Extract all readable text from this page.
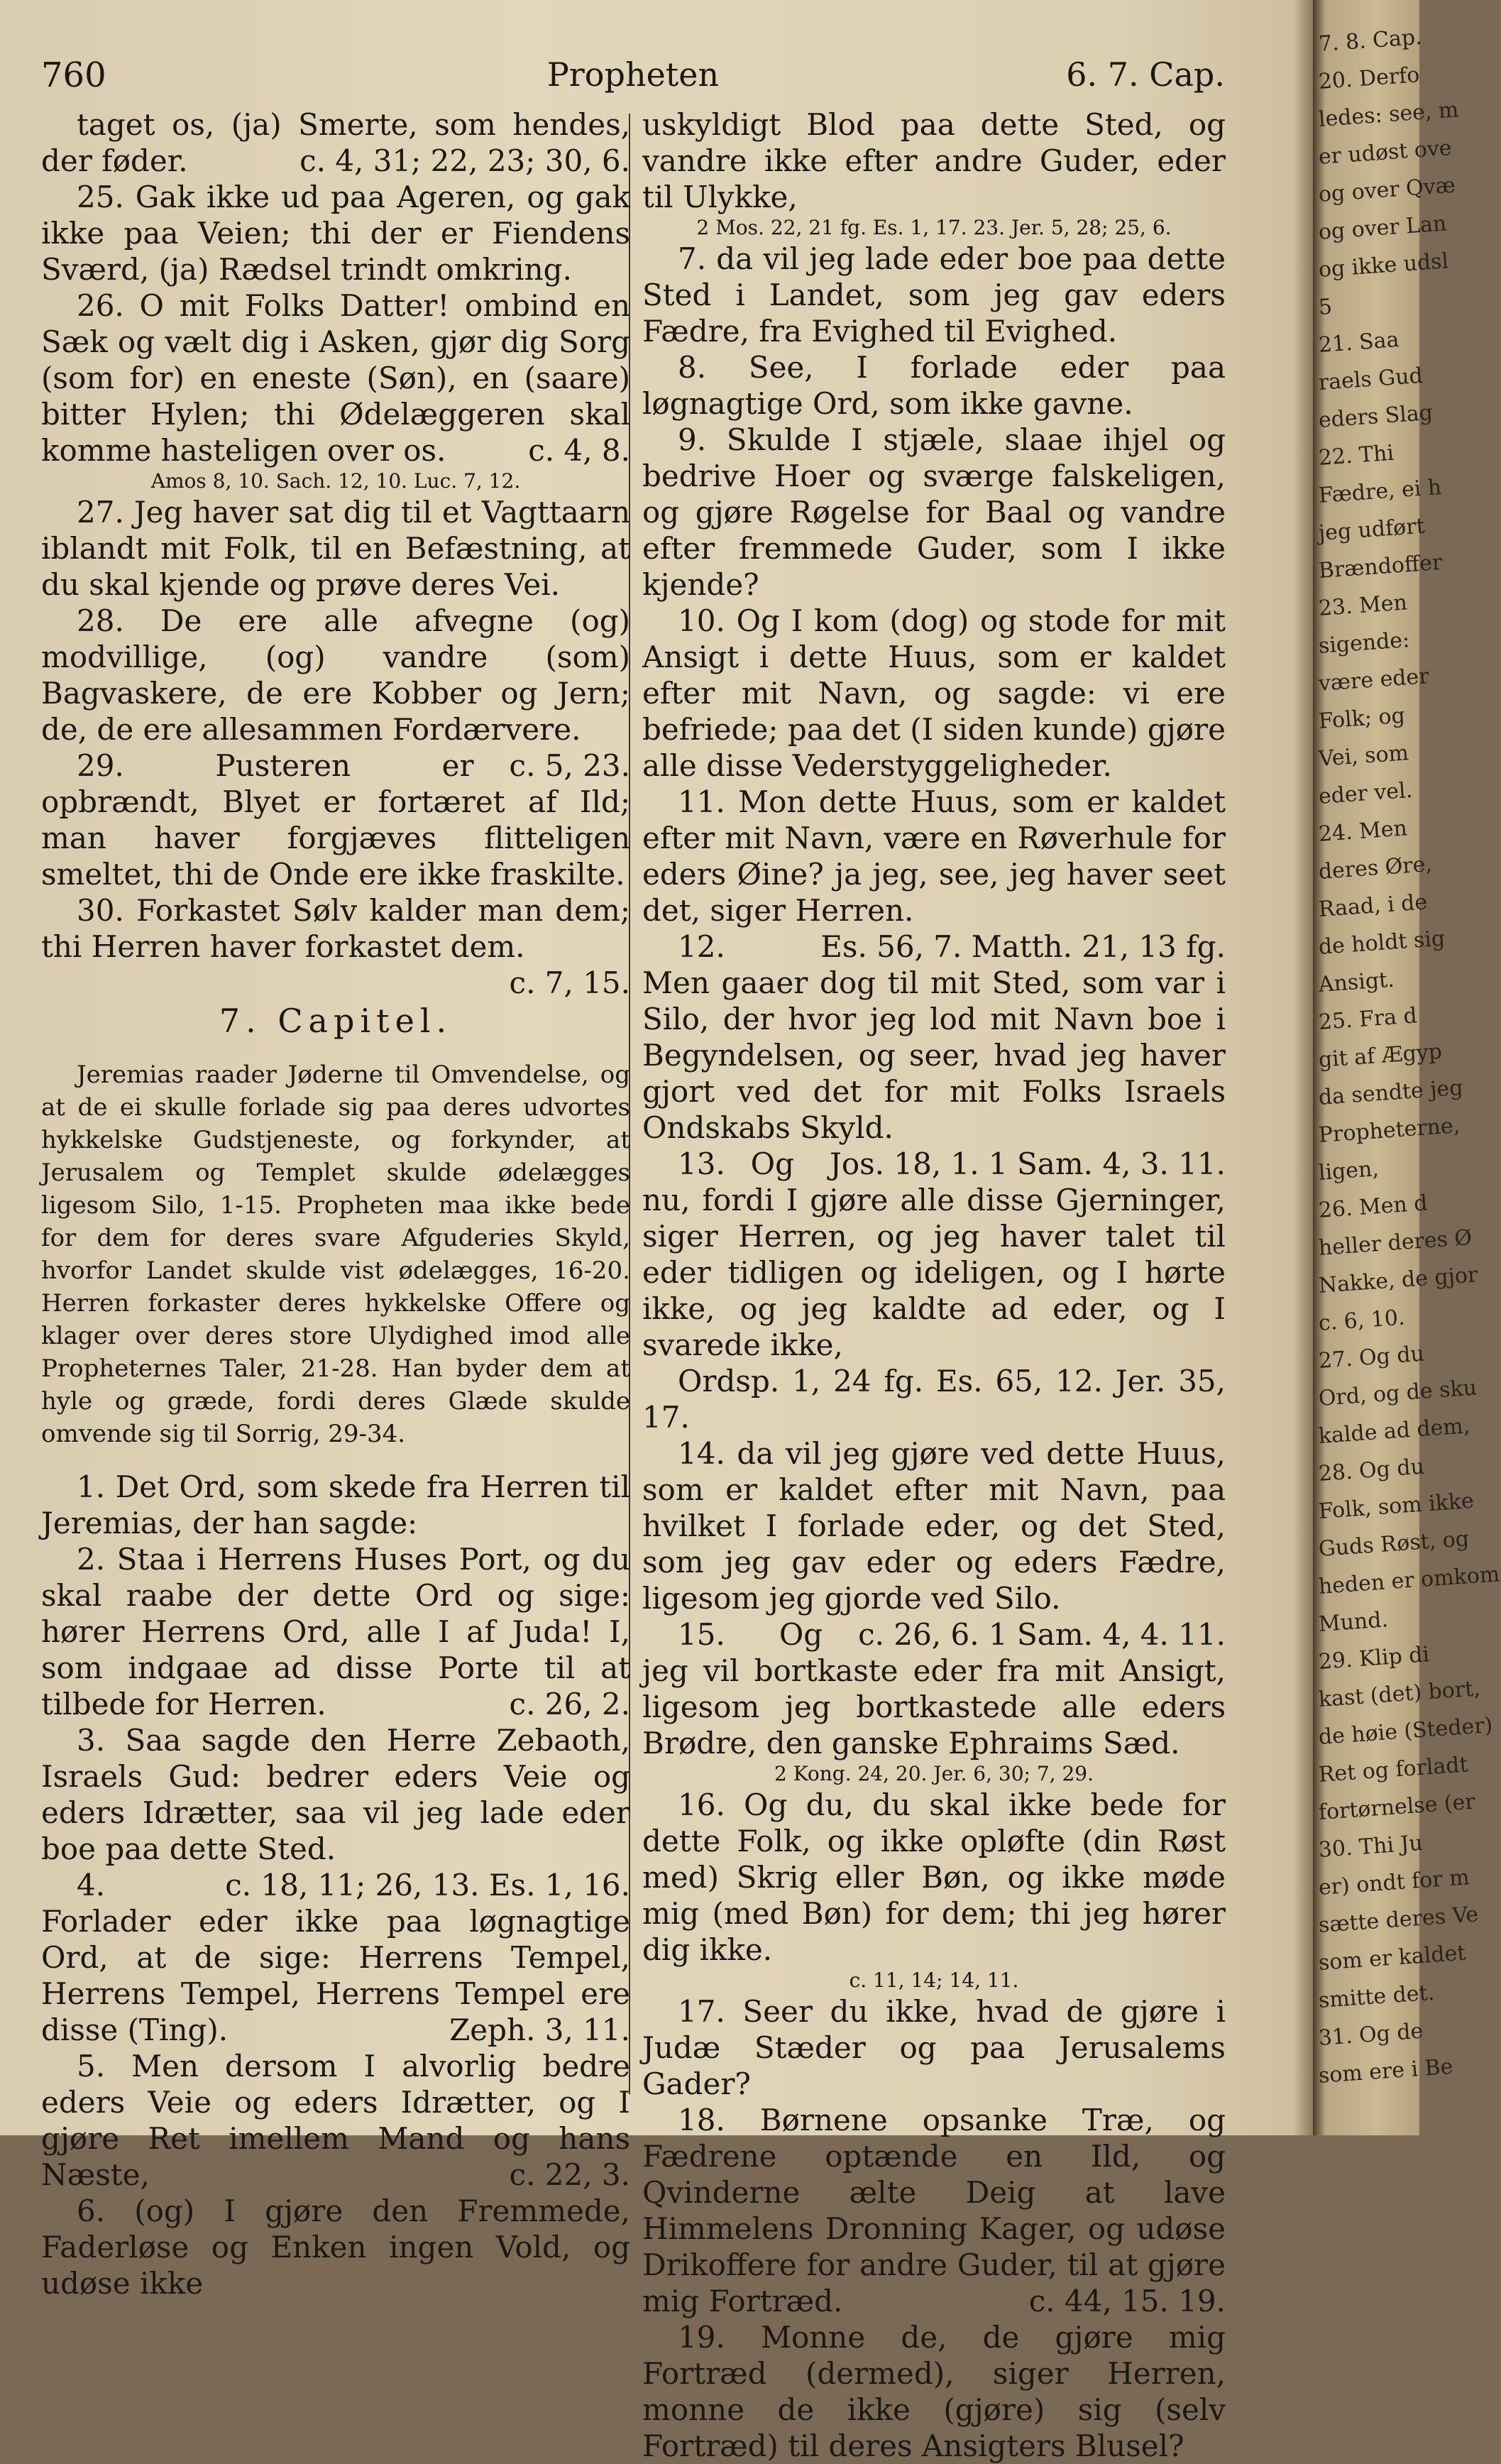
760	Propheten	6. 7. Cap.

taget os, (ja) Smerte, som hendes, der føder.	c. 4, 31; 22, 23; 30, 6.

25. Gak ikke ud paa Ageren, og gak ikke paa Veien; thi der er Fiendens Sværd, (ja) Rædsel trindt omkring.

26. O mit Folks Datter! ombind en Sæk og vælt dig i Asken, gjør dig Sorg (som for) en eneste (Søn), en (saare) bitter Hylen; thi Ødelæggeren skal komme hasteligen over os.	c. 4, 8.

Amos 8, 10. Sach. 12, 10. Luc. 7, 12.

27. Jeg haver sat dig til et Vagttaarn iblandt mit Folk, til en Befæstning, at du skal kjende og prøve deres Vei.

28. De ere alle afvegne (og) modvillige, (og) vandre (som) Bagvaskere, de ere Kobber og Jern; de, de ere allesammen Fordærvere.
c. 5, 23.

29. Pusteren er opbrændt, Blyet er fortæret af Ild; man haver forgjæves flitteligen smeltet, thi de Onde ere ikke fraskilte.

30. Forkastet Sølv kalder man dem; thi Herren haver forkastet dem.
c. 7, 15.

7. Capitel.

Jeremias raader Jøderne til Omvendelse, og at de ei skulle forlade sig paa deres udvortes hykkelske Gudstjeneste, og forkynder, at Jerusalem og Templet skulde ødelægges ligesom Silo, 1-15. Propheten maa ikke bede for dem for deres svare Afguderies Skyld, hvorfor Landet skulde vist ødelægges, 16-20. Herren forkaster deres hykkelske Offere og klager over deres store Ulydighed imod alle Propheternes Taler, 21-28. Han byder dem at hyle og græde, fordi deres Glæde skulde omvende sig til Sorrig, 29-34.

1. Det Ord, som skede fra Herren til Jeremias, der han sagde:

2. Staa i Herrens Huses Port, og du skal raabe der dette Ord og sige: hører Herrens Ord, alle I af Juda! I, som indgaae ad disse Porte til at tilbede for Herren.	c. 26, 2.

3. Saa sagde den Herre Zebaoth, Israels Gud: bedrer eders Veie og eders Idrætter, saa vil jeg lade eder boe paa dette Sted.
c. 18, 11; 26, 13. Es. 1, 16.

4. Forlader eder ikke paa løgnagtige Ord, at de sige: Herrens Tempel, Herrens Tempel, Herrens Tempel ere disse (Ting).	Zeph. 3, 11.

5. Men dersom I alvorlig bedre eders Veie og eders Idrætter, og I gjøre Ret imellem Mand og hans Næste,	c. 22, 3.

6. (og) I gjøre den Fremmede, Faderløse og Enken ingen Vold, og udøse ikke

uskyldigt Blod paa dette Sted, og vandre ikke efter andre Guder, eder til Ulykke,

2 Mos. 22, 21 fg. Es. 1, 17. 23. Jer. 5, 28; 25, 6.

7. da vil jeg lade eder boe paa dette Sted i Landet, som jeg gav eders Fædre, fra Evighed til Evighed.

8. See, I forlade eder paa løgnagtige Ord, som ikke gavne.

9. Skulde I stjæle, slaae ihjel og bedrive Hoer og sværge falskeligen, og gjøre Røgelse for Baal og vandre efter fremmede Guder, som I ikke kjende?

10. Og I kom (dog) og stode for mit Ansigt i dette Huus, som er kaldet efter mit Navn, og sagde: vi ere befriede; paa det (I siden kunde) gjøre alle disse Vederstyggeligheder.

11. Mon dette Huus, som er kaldet efter mit Navn, være en Røverhule for eders Øine? ja jeg, see, jeg haver seet det, siger Herren.
Es. 56, 7. Matth. 21, 13 fg.

12. Men gaaer dog til mit Sted, som var i Silo, der hvor jeg lod mit Navn boe i Begyndelsen, og seer, hvad jeg haver gjort ved det for mit Folks Israels Ondskabs Skyld.
Jos. 18, 1. 1 Sam. 4, 3. 11.

13. Og nu, fordi I gjøre alle disse Gjerninger, siger Herren, og jeg haver talet til eder tidligen og ideligen, og I hørte ikke, og jeg kaldte ad eder, og I svarede ikke,
Ordsp. 1, 24 fg. Es. 65, 12. Jer. 35, 17.

14. da vil jeg gjøre ved dette Huus, som er kaldet efter mit Navn, paa hvilket I forlade eder, og det Sted, som jeg gav eder og eders Fædre, ligesom jeg gjorde ved Silo.
c. 26, 6. 1 Sam. 4, 4. 11.

15. Og jeg vil bortkaste eder fra mit Ansigt, ligesom jeg bortkastede alle eders Brødre, den ganske Ephraims Sæd.

2 Kong. 24, 20. Jer. 6, 30; 7, 29.

16. Og du, du skal ikke bede for dette Folk, og ikke opløfte (din Røst med) Skrig eller Bøn, og ikke møde mig (med Bøn) for dem; thi jeg hører dig ikke.

c. 11, 14; 14, 11.

17. Seer du ikke, hvad de gjøre i Judæ Stæder og paa Jerusalems Gader?

18. Børnene opsanke Træ, og Fædrene optænde en Ild, og Qvinderne ælte Deig at lave Himmelens Dronning Kager, og udøse Drikoffere for andre Guder, til at gjøre mig Fortræd.	c. 44, 15. 19.

19. Monne de, de gjøre mig Fortræd (dermed), siger Herren, monne de ikke (gjøre) sig (selv Fortræd) til deres Ansigters Blusel?

7. 8. Cap.
20. Derfo
ledes: see, m
er udøst ove
og over Qvæ
og over Lan
og ikke udsl
5
21. Saa
raels Gud
eders Slag
22. Thi
Fædre, ei h
jeg udført
Brændoffer
23. Men
sigende:
være eder
Folk; og
Vei, som
eder vel.
24. Men
deres Øre,
Raad, i de
de holdt sig
Ansigt.
25. Fra d
git af Ægyp
da sendte jeg
Propheterne,
ligen,
26. Men d
heller deres Ø
Nakke, de gjor
c. 6, 10.
27. Og du
Ord, og de sku
kalde ad dem,
28. Og du
Folk, som ikke
Guds Røst, og
heden er omkom
Mund.
29. Klip di
kast (det) bort,
de høie (Steder)
Ret og forladt
fortørnelse (er
30. Thi Ju
er) ondt for m
sætte deres Ve
som er kaldet
smitte det.
31. Og de
som ere i Be
